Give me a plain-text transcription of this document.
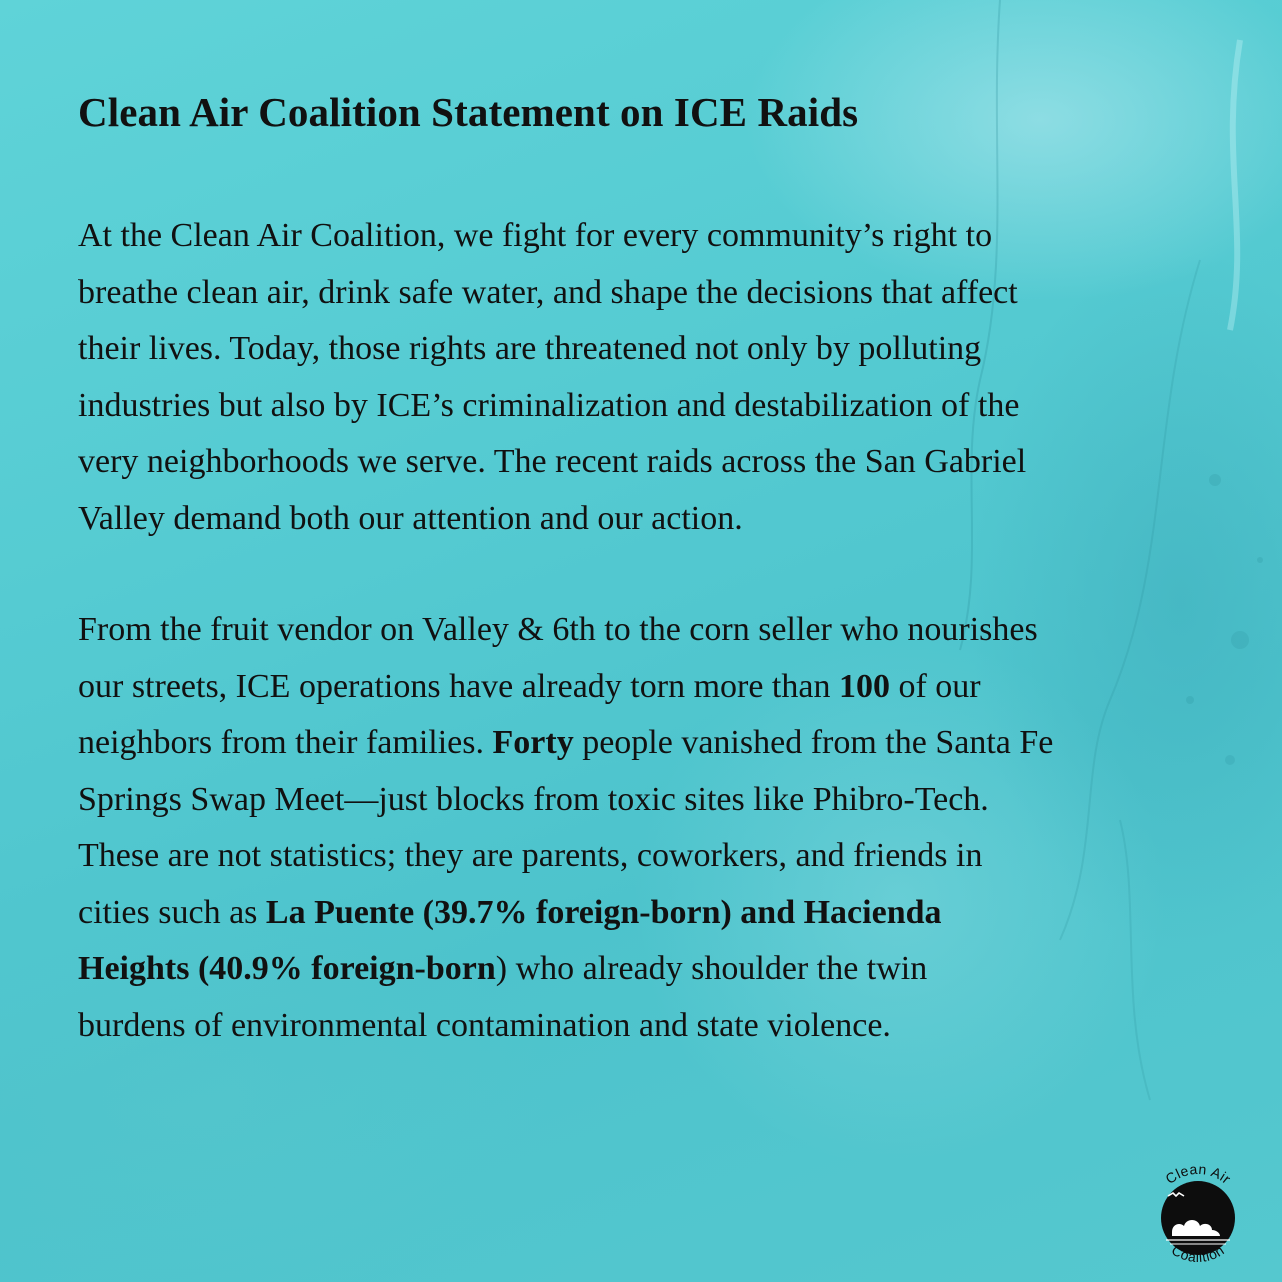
Clean Air Coalition Statement on ICE Raids

At the Clean Air Coalition, we fight for every community’s right to
breathe clean air, drink safe water, and shape the decisions that affect
their lives. Today, those rights are threatened not only by polluting
industries but also by ICE’s criminalization and destabilization of the
very neighborhoods we serve. The recent raids across the San Gabriel
Valley demand both our attention and our action.

From the fruit vendor on Valley & 6th to the corn seller who nourishes
our streets, ICE operations have already torn more than 100 of our
neighbors from their families. Forty people vanished from the Santa Fe
Springs Swap Meet—just blocks from toxic sites like Phibro-Tech.
These are not statistics; they are parents, coworkers, and friends in
cities such as La Puente (39.7% foreign-born) and Hacienda
Heights (40.9% foreign-born) who already shoulder the twin
burdens of environmental contamination and state violence.

Clean Air
Coalition
